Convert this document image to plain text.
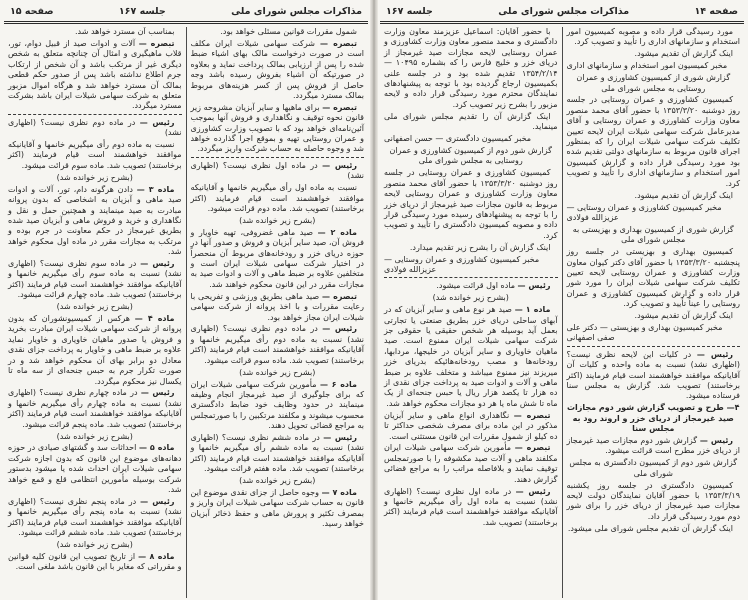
مذاکرات مجلس شورای ملی
جلسه ۱۶۷
صفحه ۱۵

شمول مقررات قوانین مسئلی خواهد بود.

تبصره — شرکت سهامی شیلات ایران مکلف است در صورت درخواست مالک بهای اشیاء ضبط شده را پس از ارزیابی بمالک پرداخت نماید و بعلاوه در صورتیکه آن اشیاء بفروش رسیده باشد وجه حاصل از فروش پس از کسر هزینه‌های مربوط بمالک مسترد میگردد.

تبصره — برای ماهیها و سایر آبزیان مشروحه زیر قانون نحوه توقیف و نگاهداری و فروش آنها بموجب آئین‌نامه‌ای خواهد بود که با تصویب وزارت کشاورزی و عمران روستایی تهیه و بموقع اجرا گذارده خواهد شد و وجوه حاصله به حساب شرکت واریز میگردد.

رئیس — در ماده اول نظری نیست؟ (اظهاری نشد)

نسبت به ماده اول رأی میگیریم خانمها و آقایانیکه موافقند خواهشمند است قیام فرمایند (اکثر برخاستند) تصویب شد. ماده دوم قرائت میشود.

(بشرح زیر خوانده شد)

ماده ۲ — صید ماهی غضروفی، تهیه خاویار و فروش آن، صید سایر آبزیان و فروش و صدور آنها در حوزه دریای خزر و رودخانه‌های مربوط آن منحصراً در اختیار شرکت سهامی شیلات ایران است و متخلفین علاوه بر ضبط ماهی و آلات و ادوات صید به مجازات مقرر در این قانون محکوم خواهند شد.

تبصره — صید ماهی بطریق ورزشی و تفریحی با رعایت مقررات و با اخذ پروانه از شرکت سهامی شیلات ایران مجاز خواهد بود.

رئیس — در ماده دوم نظری نیست؟ (اظهاری نشد) نسبت به ماده دوم رأی میگیریم خانمها و آقایانیکه موافقند خواهشمند است قیام فرمایند (اکثر برخاستند) تصویب شد. ماده سوم قرائت میشود.

(بشرح زیر خوانده شد)

ماده ۶ — مأمورین شرکت سهامی شیلات ایران که برای جلوگیری از صید غیرمجاز انجام وظیفه مینمایند در حدود وظایف خود ضابط دادگستری محسوب میشوند و مکلفند مرتکبین را با صورتمجلس به مراجع قضائی تحویل دهند.

رئیس — در ماده ششم نظری نیست؟ (اظهاری نشد) نسبت به ماده ششم رأی میگیریم خانمها و آقایانیکه موافقند خواهشمند است قیام فرمایند (اکثر برخاستند) تصویب شد. ماده هفتم قرائت میشود.

(بشرح زیر خوانده شد)

ماده ۷ — وجوه حاصل از جزای نقدی موضوع این قانون به حساب شرکت سهامی شیلات ایران واریز و بمصرف تکثیر و پرورش ماهی و حفظ ذخائر آبزیان خواهد رسید.

بمناسب آن مسترد خواهد شد.

تبصره — آلات و ادوات صید از قبیل دوام، تور، قلاب ماهیگیری و امثال آن چنانچه متعلق به شخص دیگری غیر از مرتکب باشد و آن شخص از ارتکاب جرم اطلاع نداشته باشد پس از صدور حکم قطعی بمالک آن مسترد خواهد شد و هرگاه اموال مزبور متعلق به شرکت سهامی شیلات ایران باشد بشرکت مسترد میگردد.

رئیس — در ماده دوم نظری نیست؟ (اظهاری نشد)

نسبت به ماده دوم رأی میگیریم خانمها و آقایانیکه موافقند خواهشمند است قیام فرمایند (اکثر برخاستند) تصویب شد. ماده سوم قرائت میشود.

(بشرح زیر خوانده شد)

ماده ۳ — دادن هرگونه دام، تور، آلات و ادوات صید ماهی و آبزیان به اشخاصی که بدون پروانه مبادرت به صید مینمایند و همچنین حمل و نقل و نگاهداری و خرید و فروش ماهی و آبزیان صید شده بطریق غیرمجاز در حکم معاونت در جرم بوده و مرتکب به مجازات مقرر در ماده اول محکوم خواهد شد.

رئیس — در ماده سوم نظری نیست؟ (اظهاری نشد) نسبت به ماده سوم رأی میگیریم خانمها و آقایانیکه موافقند خواهشمند است قیام فرمایند (اکثر برخاستند) تصویب شد. ماده چهارم قرائت میشود.

(بشرح زیر خوانده شد)

ماده ۴ — هرکس از کمیسیونشوران که بدون پروانه از شرکت سهامی شیلات ایران مبادرت بخرید و فروش یا صدور ماهیان خاویاری و خاویار نماید علاوه بر ضبط ماهی و خاویار به پرداخت جزای نقدی معادل دو برابر بهای آن محکوم خواهد شد و در صورت تکرار جرم به حبس جنحه‌ای از سه ماه تا یکسال نیز محکوم میگردد.

رئیس — در ماده چهارم نظری نیست؟ (اظهاری نشد) نسبت به ماده چهارم رأی میگیریم خانمها و آقایانیکه موافقند خواهشمند است قیام فرمایند (اکثر برخاستند) تصویب شد. ماده پنجم قرائت میشود.

(بشرح زیر خوانده شد)

ماده ۵ — احداثات سد و گشتهای صیادی در حوزه دهانه‌های موضوع این قانون که بدون اجازه شرکت سهامی شیلات ایران احداث شده یا میشود بدستور شرکت بوسیله مأمورین انتظامی قلع و قمع خواهد شد.

رئیس — در ماده پنجم نظری نیست؟ (اظهاری نشد) نسبت به ماده پنجم رأی میگیریم خانمها و آقایانیکه موافقند خواهشمند است قیام فرمایند (اکثر برخاستند) تصویب شد. ماده ششم قرائت میشود.

(بشرح زیر خوانده شد)

ماده ۸ — از تاریخ تصویب این قانون کلیه قوانین و مقرراتی که مغایر با این قانون باشد ملغی است.

صفحه ۱۴
مذاکرات مجلس شورای ملی
جلسه ۱۶۷

مورد رسیدگی قرار داده و مصوبه کمیسیون امور استخدام و سازمانهای اداری را تأیید و تصویب کرد.

اینک گزارش آن تقدیم میشود.

مخبر کمیسیون امور استخدام و سازمانهای اداری

گزارش شوری از کمیسیون کشاورزی و عمران روستایی به مجلس شورای ملی

کمیسیون کشاورزی و عمران روستایی در جلسه روز دوشنبه ۱۳۵۳/۳/۲۰ با حضور آقای محمد منصور معاون وزارت کشاورزی و عمران روستایی و آقای مدیرعامل شرکت سهامی شیلات ایران لایحه تعیین تکلیف شرکت سهامی شیلات ایران را که بمنظور اجرای قانون مربوط به سازمانهای دولتی تقدیم شده بود مورد رسیدگی قرار داده و گزارش کمیسیون امور استخدام و سازمانهای اداری را تأیید و تصویب کرد.

اینک گزارش آن تقدیم میشود.

مخبر کمیسیون کشاورزی و عمران روستایی — عزیزالله فولادی

گزارش شوری از کمیسیون بهداری و بهزیستی به مجلس شورای ملی

کمیسیون بهداری و بهزیستی در جلسه روز پنجشنبه ۱۳۵۳/۳/۲۰ با حضور آقای دکتر کیوان معاون وزارت کشاورزی و عمران روستایی لایحه تعیین تکلیف شرکت سهامی شیلات ایران را مورد شور قرار داده و گزارش کمیسیون کشاورزی و عمران روستایی را عیناً تأیید و تصویب کرد.

اینک گزارش آن تقدیم میشود.

مخبر کمیسیون بهداری و بهزیستی — دکتر علی صفی اصفهانی

رئیس — در کلیات این لایحه نظری نیست؟ (اظهاری نشد) نسبت به ماده واحده و کلیات آن آقایانیکه موافقند خواهشمند است قیام فرمایند (اکثر برخاستند) تصویب شد. گزارش به مجلس سنا فرستاده میشود.

۴— طرح و تصویب گزارش شور دوم مجازات صید غیرمجاز از دریای خزر و اروند رود به مجلس سنا

رئیس — گزارش شور دوم مجازات صید غیرمجاز از دریای خزر مطرح است قرائت میشود.

گزارش شور دوم از کمیسیون دادگستری به مجلس شورای ملی

کمیسیون دادگستری در جلسه روز یکشنبه ۱۳۵۳/۳/۱۹ با حضور آقایان نمایندگان دولت لایحه مجازات صید غیرمجاز از دریای خزر را برای شور دوم مورد رسیدگی قرار داد.

اینک گزارش آن تقدیم مجلس شورای ملی میشود.

با حضور آقایان: اسماعیل عزیزمند معاون وزارت دادگستری و محمد منصور معاون وزارت کشاورزی و عمران روستایی لایحه مجازات صید غیرمجاز از دریای خزر و خلیج فارس را که بشماره ۱۰۴۹۵ — ۱۳۵۴/۲/۱۴ تقدیم شده بود و در جلسه علنی بکمیسیون ارجاع گردیده بود با توجه به پیشنهادهای نمایندگان محترم مورد رسیدگی قرار داده و لایحه مزبور را بشرح زیر تصویب کرد.

اینک گزارش آن را تقدیم مجلس شورای ملی مینماید.

مخبر کمیسیون دادگستری — حسن اصفهانی

گزارش شور دوم از کمیسیون کشاورزی و عمران روستایی به مجلس شورای ملی

کمیسیون کشاورزی و عمران روستایی در جلسه روز دوشنبه ۱۳۵۳/۳/۲۰ با حضور آقای محمد منصور معاون وزارت کشاورزی و عمران روستایی لایحه مربوط به قانون مجازات صید غیرمجاز از دریای خزر را با توجه به پیشنهادهای رسیده مورد رسیدگی قرار داده و مصوبه کمیسیون دادگستری را تأیید و تصویب کرد.

اینک گزارش آن را بشرح زیر تقدیم میدارد.

مخبر کمیسیون کشاورزی و عمران روستایی — عزیزالله فولادی

رئیس — ماده اول قرائت میشود.

(بشرح زیر خوانده شد)

ماده ۱ — صید هر نوع ماهی و سایر آبزیان که در آبهای ساحلی دریای خزر بطریق صنعتی یا تجارتی بعمل آید بوسیله هر شخص حقیقی یا حقوقی جز شرکت سهامی شیلات ایران ممنوع است. صید ماهیان خاویاری و سایر آبزیان در خلیجها، مردابها، رودخانه‌ها و مصب رودخانه‌هائیکه بدریای خزر میریزند نیز ممنوع میباشد و متخلف علاوه بر ضبط ماهی و آلات و ادوات صید به پرداخت جزای نقدی از ده هزار تا یکصد هزار ریال یا حبس جنحه‌ای از یک ماه تا شش ماه یا هر دو مجازات محکوم خواهد شد.

تبصره — نگاهداری انواع ماهی و سایر آبزیان مذکور در این ماده برای مصرف شخصی حداکثر تا ده کیلو از شمول مقررات این قانون مستثنی است.

تبصره — مأمورین شرکت سهامی شیلات ایران مکلفند ماهی و آلات صید مکشوفه را با صورتمجلس توقیف نمایند و بلافاصله مراتب را به مراجع قضائی گزارش دهند.

رئیس — در ماده اول نظری نیست؟ (اظهاری نشد) نسبت به ماده اول رأی میگیریم خانمها و آقایانیکه موافقند خواهشمند است قیام فرمایند (اکثر برخاستند) تصویب شد.
